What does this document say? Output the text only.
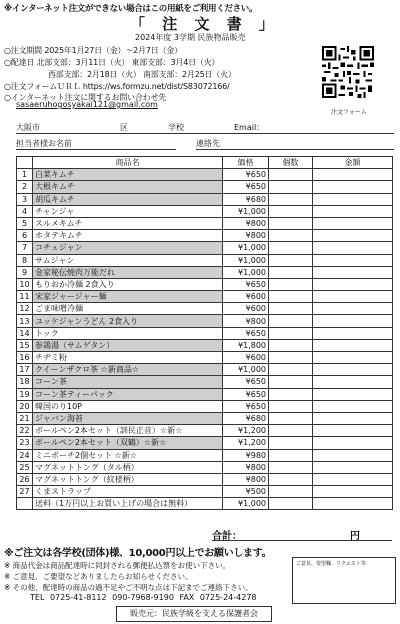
※インターネット注文ができない場合はこの用紙をご利用ください。
「 注 文 書 」
2024年度 3学期 民族物品販売
○注文期間 2025年1月27日（金）～2月7日（金）
○配達日 北部支部：3月11日（火） 東部支部：3月4日（火）
西部支部：2月18日（火） 南部支部：2月25日（火）
○注文フォームＵＲＬ https://ws.formzu.net/dist/S83072166/
○インターネット注文に関するお問い合わせ先
sasaeruhogosyakai121@gmail.com
注文フォーム
大阪市	区	学校	Email：
担当者様お名前	連絡先
	商品名	価格	個数	金額
1	白菜キムチ	¥650		
2	大根キムチ	¥650		
3	胡瓜キムチ	¥680		
4	チャンジャ	¥1,000		
5	スルメキムチ	¥800		
6	ホタテキムチ	¥800		
7	コチュジャン	¥1,000		
8	サムジャン	¥1,000		
9	金家秘伝焼肉万能だれ	¥1,000		
10	もりおか冷麺 2食入り	¥650		
11	宋家ジャージャー麺	¥600		
12	ごま味噌冷麺	¥600		
13	ユッケジャンうどん 2食入り	¥800		
14	トック	¥650		
15	参鶏湯（サムゲタン）	¥1,800		
16	チヂミ粉	¥600		
17	クイーンザクロ茶 ☆新商品☆	¥1,000		
18	コーン茶	¥650		
19	コーン茶ティーパック	¥650		
20	韓国のり10P	¥650		
21	ジャバン海苔	¥680		
22	ボールペン2本セット（訓民正音）☆新☆	¥1,200		
23	ボールペン2本セット（双鶴）☆新☆	¥1,200		
24	ミニポーチ2個セット ☆新☆	¥980		
25	マグネットトング（タル柄）	¥800		
26	マグネットトング（紋様柄）	¥800		
27	くまストラップ	¥500		
	送料（1万円以上お買い上げの場合は無料）	¥1,000		
合計：	円
※ご注文は各学校(団体)様、10,000円以上でお願いします。
※ 商品代金は商品配達時に同封される郵便払込票をお使い下さい。
※ ご意見、ご要望などありましたらお知らせください。
※ その他、配達時の商品の過不足やご不明な点は下記までご連絡下さい。
TEL 0725-41-8112 090-7968-9190 FAX 0725-24-4278
ご意見、要望欄、リクエスト等：
販売元：民族学級を支える保護者会
